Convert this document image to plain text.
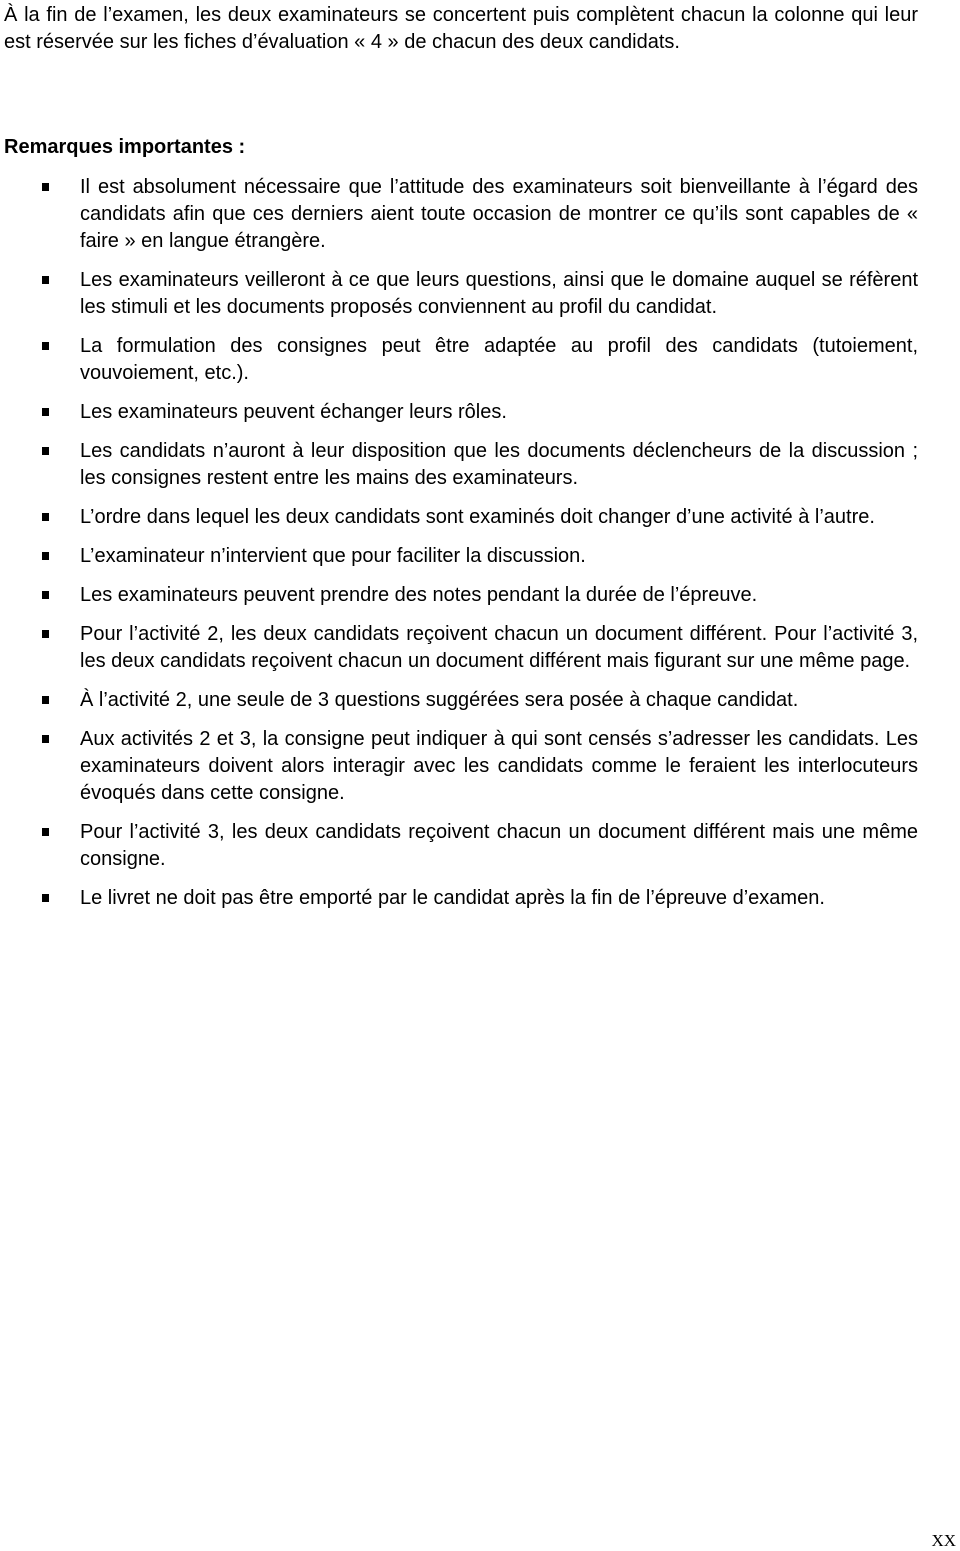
À la fin de l’examen, les deux examinateurs se concertent puis complètent chacun la colonne qui leur est réservée sur les fiches d’évaluation « 4 » de chacun des deux candidats.

Remarques importantes :

Il est absolument nécessaire que l’attitude des examinateurs soit bienveillante à l’égard des candidats afin que ces derniers aient toute occasion de montrer ce qu’ils sont capables de « faire » en langue étrangère.
Les examinateurs veilleront à ce que leurs questions, ainsi que le domaine auquel se réfèrent les stimuli et les documents proposés conviennent au profil du candidat.
La formulation des consignes peut être adaptée au profil des candidats (tutoiement, vouvoiement, etc.).
Les examinateurs peuvent échanger leurs rôles.
Les candidats n’auront à leur disposition que les documents déclencheurs de la discussion ; les consignes restent entre les mains des examinateurs.
L’ordre dans lequel les deux candidats sont examinés doit changer d’une activité à l’autre.
L’examinateur n’intervient que pour faciliter la discussion.
Les examinateurs peuvent prendre des notes pendant la durée de l’épreuve.
Pour l’activité 2, les deux candidats reçoivent chacun un document différent. Pour l’activité 3, les deux candidats reçoivent chacun un document différent mais figurant sur une même page.
À l’activité 2, une seule de 3 questions suggérées sera posée à chaque candidat.
Aux activités 2 et 3, la consigne peut indiquer à qui sont censés s’adresser les candidats. Les examinateurs doivent alors interagir avec les candidats comme le feraient les interlocuteurs évoqués dans cette consigne.
Pour l’activité 3, les deux candidats reçoivent chacun un document différent mais une même consigne.
Le livret ne doit pas être emporté par le candidat après la fin de l’épreuve d’examen.
XX
